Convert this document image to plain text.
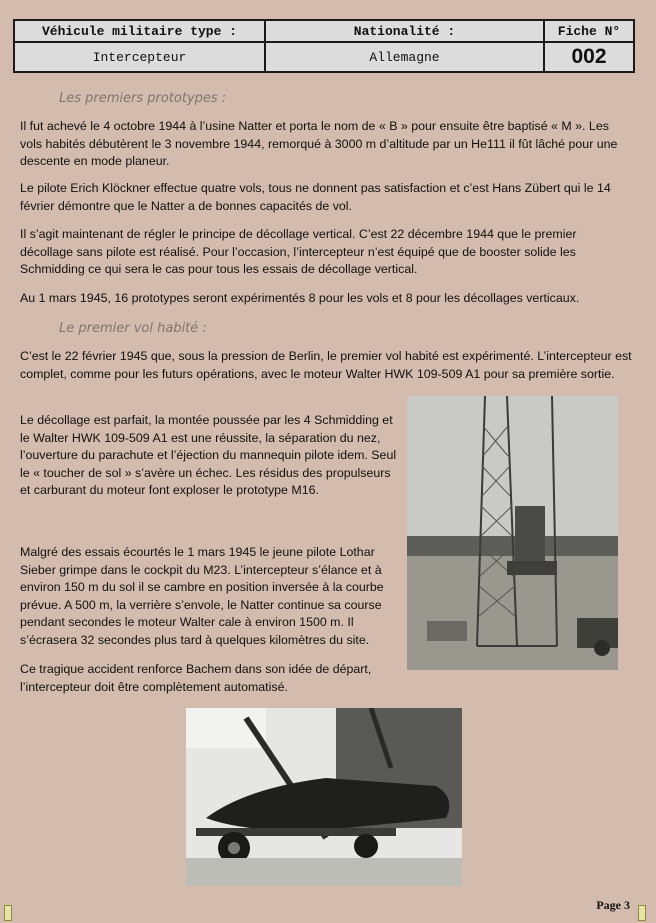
Véhicule militaire type :	Nationalité :	Fiche N°
Intercepteur	Allemagne	002
Les premiers prototypes :

Il fut achevé le 4 octobre 1944 à l’usine Natter et porta le nom de « B » pour ensuite être baptisé « M ». Les vols habités débutèrent le 3 novembre 1944, remorqué à 3000 m d’altitude par un He111 il fût lâché pour une descente en mode planeur.

Le pilote Erich Klöckner effectue quatre vols, tous ne donnent pas satisfaction et c’est Hans Zübert qui le 14 février démontre que le Natter a de bonnes capacités de vol.

Il s’agit maintenant de régler le principe de décollage vertical. C’est 22 décembre 1944 que le premier décollage sans pilote est réalisé. Pour l’occasion, l’intercepteur n’est équipé que de booster solide les Schmidding ce qui sera le cas pour tous les essais de décollage vertical.

Au 1 mars 1945, 16 prototypes seront expérimentés 8 pour les vols et 8 pour les décollages verticaux.

Le premier vol habité :

C’est le 22 février 1945 que, sous la pression de Berlin, le premier vol habité est expérimenté. L’intercepteur est complet, comme pour les futurs opérations, avec le moteur Walter HWK 109-509 A1 pour sa première sortie.

Le décollage est parfait, la montée poussée par les 4 Schmidding et le Walter HWK 109-509 A1 est une réussite, la séparation du nez, l’ouverture du parachute et l’éjection du mannequin pilote idem. Seul le « toucher de sol » s’avère un échec. Les résidus des propulseurs et carburant du moteur font exploser le prototype M16.

Malgré des essais écourtés le 1 mars 1945 le jeune pilote Lothar Sieber grimpe dans le cockpit du M23. L’intercepteur s’élance et à environ 150 m du sol il se cambre en position inversée à la courbe prévue. A 500 m, la verrière s’envole, le Natter continue sa course pendant secondes le moteur Walter cale à environ 1500 m. Il s’écrasera 32 secondes plus tard à quelques kilomètres du site.

Ce tragique accident renforce Bachem dans son idée de départ, l’intercepteur doit être complètement automatisé.

Page 3
